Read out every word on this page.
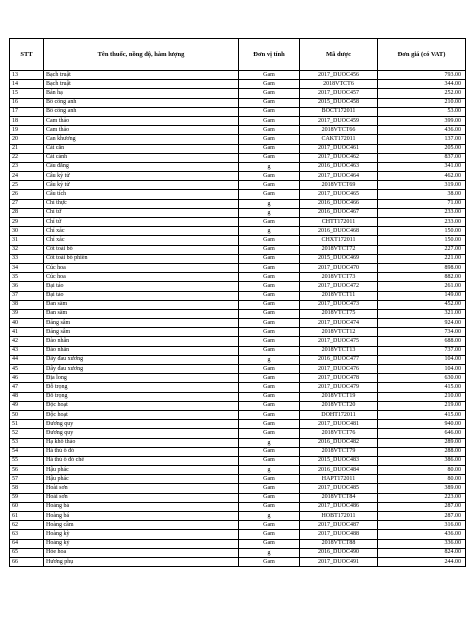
STT	Tên thuốc, nồng độ, hàm lượng	Đơn vị tính	Mã dược	Đơn giá (có VAT)
13	Bạch truật	Gam	2017_DUOC456	793.00
14	Bạch truật	Gam	2018VTCT6	344.00
15	Bán hạ	Gam	2017_DUOC457	252.00
16	Bồ công anh	Gam	2015_DUOC458	210.00
17	Bồ công anh	Gam	BOCT172011	53.00
18	Cam thảo	Gam	2017_DUOC459	399.00
19	Cam thảo	Gam	2018VTCT66	436.00
20	Can khương	Gam	CAKT172011	137.00
21	Cát căn	Gam	2017_DUOC461	205.00
22	Cát cánh	Gam	2017_DUOC462	837.00
23	Câu đằng	g	2016_DUOC463	341.00
24	Câu kỷ tử	Gam	2017_DUOC464	462.00
25	Câu kỷ tử	Gam	2018VTCT69	319.00
26	Câu tích	Gam	2017_DUOC465	38.00
27	Chỉ thực	g	2016_DUOC466	71.00
28	Chỉ tử	g	2016_DUOC467	233.00
29	Chỉ tử	Gam	CHTT172011	233.00
30	Chỉ xác	g	2016_DUOC468	150.00
31	Chỉ xác	Gam	CHXT172011	150.00
32	Cốt toái bổ	Gam	2018VTCT72	227.00
33	Cốt toái bổ phiến	Gam	2015_DUOC469	221.00
34	Cúc hoa	Gam	2017_DUOC470	898.00
35	Cúc hoa	Gam	2018VTCT73	882.00
36	Đại táo	Gam	2017_DUOC472	261.00
37	Đại táo	Gam	2018VTCT11	149.00
38	Đan sâm	Gam	2017_DUOC473	452.00
39	Đan sâm	Gam	2018VTCT75	321.00
40	Đảng sâm	Gam	2017_DUOC474	924.00
41	Đảng sâm	Gam	2018VTCT12	734.00
42	Đào nhân	Gam	2017_DUOC475	688.00
43	Đào nhân	Gam	2018VTCT13	737.00
44	Dây đau xương	g	2016_DUOC477	104.00
45	Dây đau xương	Gam	2017_DUOC476	104.00
46	Địa long	Gam	2017_DUOC478	630.00
47	Đỗ trọng	Gam	2017_DUOC479	415.00
48	Đỗ trọng	Gam	2018VTCT19	210.00
49	Độc hoạt	Gam	2018VTCT20	219.00
50	Độc hoạt	Gam	DOHT172011	415.00
51	Đương quy	Gam	2017_DUOC481	940.00
52	Đương quy	Gam	2018VTCT76	646.00
53	Hạ khô thảo	g	2016_DUOC482	289.00
54	Hà thủ ô đỏ	Gam	2018VTCT79	288.00
55	Hà thủ ô đỏ chế	Gam	2015_DUOC483	386.00
56	Hậu phác	g	2016_DUOC484	80.00
57	Hậu phác	Gam	HAPT172011	80.00
58	Hoài sơn	Gam	2017_DUOC485	389.00
59	Hoài sơn	Gam	2018VTCT84	223.00
60	Hoàng bá	Gam	2017_DUOC486	287.00
61	Hoàng bá	g	HOBT172011	287.00
62	Hoàng cầm	Gam	2017_DUOC487	316.00
63	Hoàng kỳ	Gam	2017_DUOC488	436.00
64	Hoàng kỳ	Gam	2018VTCT88	336.00
65	Hòe hoa	g	2016_DUOC490	824.00
66	Hương phụ	Gam	2017_DUOC491	244.00
